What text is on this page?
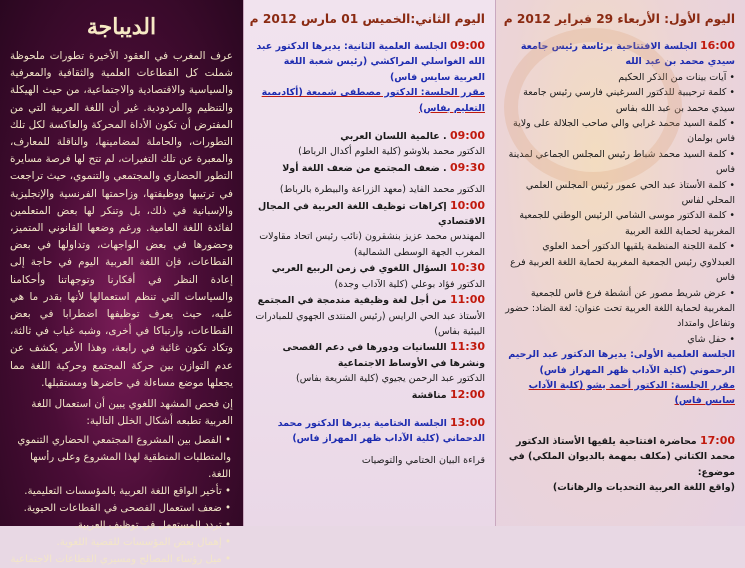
الديباجة

عرف المغرب في العقود الأخيرة تطورات ملحوظة شملت كل القطاعات العلمية والثقافية والمعرفية والسياسية والاقتصادية والاجتماعية، من حيث الهيكلة والتنظيم والمردودية. غير أن اللغة العربية التي من المفترض أن تكون الأداة المحركة والعاكسة لكل تلك التطورات، والحاملة لمضامينها، والناقلة للمعارف، والمعبرة عن تلك التغيرات، لم تتح لها فرصة مسايرة التطور الحضاري والمجتمعي والتنموي، حيث تراجعت في ترتيبها ووظيفتها، وزاحمتها الفرنسية والإنجليزية والإسبانية في ذلك، بل وتنكر لها بعض المتعلمين لفائدة اللغة العامية. ورغم وضعها القانوني المتميز، وحضورها في بعض الواجهات، وتداولها في بعض القطاعات، فإن اللغة العربية اليوم في حاجة إلى إعادة النظر في أفكارنا وتوجهاتنا وأحكامنا والسياسات التي تنظم استعمالها لأنها بقدر ما هي عليه، حيث يعرف توظيفها اضطرابا في بعض القطاعات، وارتباكا في أخرى، وشبه غياب في ثالثة، وتكاد تكون غائبة في رابعة، وهذا الأمر يكشف عن عدم التوازن بين حركة المجتمع وحركية اللغة مما يجعلها موضع مساءلة في حاضرها ومستقبلها.

إن فحص المشهد اللغوي يبين أن استعمال اللغة العربية تطبعه أشكال الخلل التالية:

• الفصل بين المشروع المجتمعي الحضاري التنموي والمتطلبات المنطقية لهذا المشروع وعلى رأسها اللغة.
• تأخير الواقع اللغة العربية بالمؤسسات التعليمية.
• ضعف استعمال الفصحى في القطاعات الحيوية.
• تردد المستعمل في توظيف العربية.
• إهمال بعض المؤسسات للقضية اللغوية.
• ميل رؤساء المصالح ومسيري القطاعات الاجتماعية
اليوم الثاني:الخميس 01 مارس 2012 م

09:00 الجلسة العلمية الثانية: يديرها الدكتور عبد الله الغواسلي المراكشي (رئيس شعبة اللغة العربية سايس فاس)

مقرر الجلسة: الدكتور مصطفى شميعة (أكاديمية التعليم بفاس)

09:00 . عالمية اللسان العربي

الدكتور محمد بلاوشو (كلية العلوم أكدال الرباط)

09:30 . ضعف المجتمع من ضعف اللغة أولا

الدكتور محمد الفايد (معهد الزراعة والبيطرة بالرباط)

10:00 إكراهات توظيف اللغة العربية في المجال الاقتصادي

المهندس محمد عزيز بنشقرون (نائب رئيس اتحاد مقاولات المغرب الجهة الوسطى الشمالية)

10:30 السؤال اللغوي في زمن الربيع العربي

الدكتور فؤاد بوعلي (كلية الآداب وجدة)

11:00 من أجل لغة وظيفية مندمجة في المجتمع

الأستاذ عبد الحي الرايس (رئيس المنتدى الجهوي للمبادرات البيئية بفاس)

11:30 اللسانيات ودورها في دعم الفصحى ونشرها في الأوساط الاجتماعية

الدكتور عبد الرحمن يجيوي (كلية الشريعة بفاس)

12:00 مناقشة

13:00 الجلسة الختامية يديرها الدكتور محمد الدحماني (كلية الآداب ظهر المهراز فاس)

قراءة البيان الختامي والتوصيات

اليوم الأول: الأربعاء 29 فبراير 2012 م

16:00 الجلسة الافتتاحية برئاسة رئيس جامعة سيدي محمد بن عبد الله

• آيات بينات من الذكر الحكيم

• كلمة ترحيبية للدكتور السرغيني فارسي رئيس جامعة سيدي محمد بن عبد الله بفاس

• كلمة السيد محمد غرابي والي صاحب الجلالة على ولاية فاس بولمان

• كلمة السيد محمد شباط رئيس المجلس الجماعي لمدينة فاس

• كلمة الأستاذ عبد الحي عمور رئيس المجلس العلمي المحلي لفاس

• كلمة الدكتور موسى الشامي الرئيس الوطني للجمعية المغربية لحماية اللغة العربية

• كلمة اللجنة المنظمة يلقيها الدكتور أحمد العلوي العبدلاوي رئيس الجمعية المغربية لحماية اللغة العربية فرع فاس

• عرض شريط مصور عن أنشطة فرع فاس للجمعية المغربية لحماية اللغة العربية تحت عنوان: لغة الضاد: حضور وتفاعل وامتداد

• حفل شاي

الجلسة العلمية الأولى: يديرها الدكتور عبد الرحيم الرحموني (كلية الآداب ظهر المهراز فاس)

مقرر الجلسة: الدكتور أحمد يشو (كلية الآداب سايس فاس)

17:00 محاضرة افتتاحية يلقيها الأستاذ الدكتور محمد الكتاني (مكلف بمهمة بالديوان الملكي) في موضوع:

(واقع اللغة العربية التحديات والرهانات)
